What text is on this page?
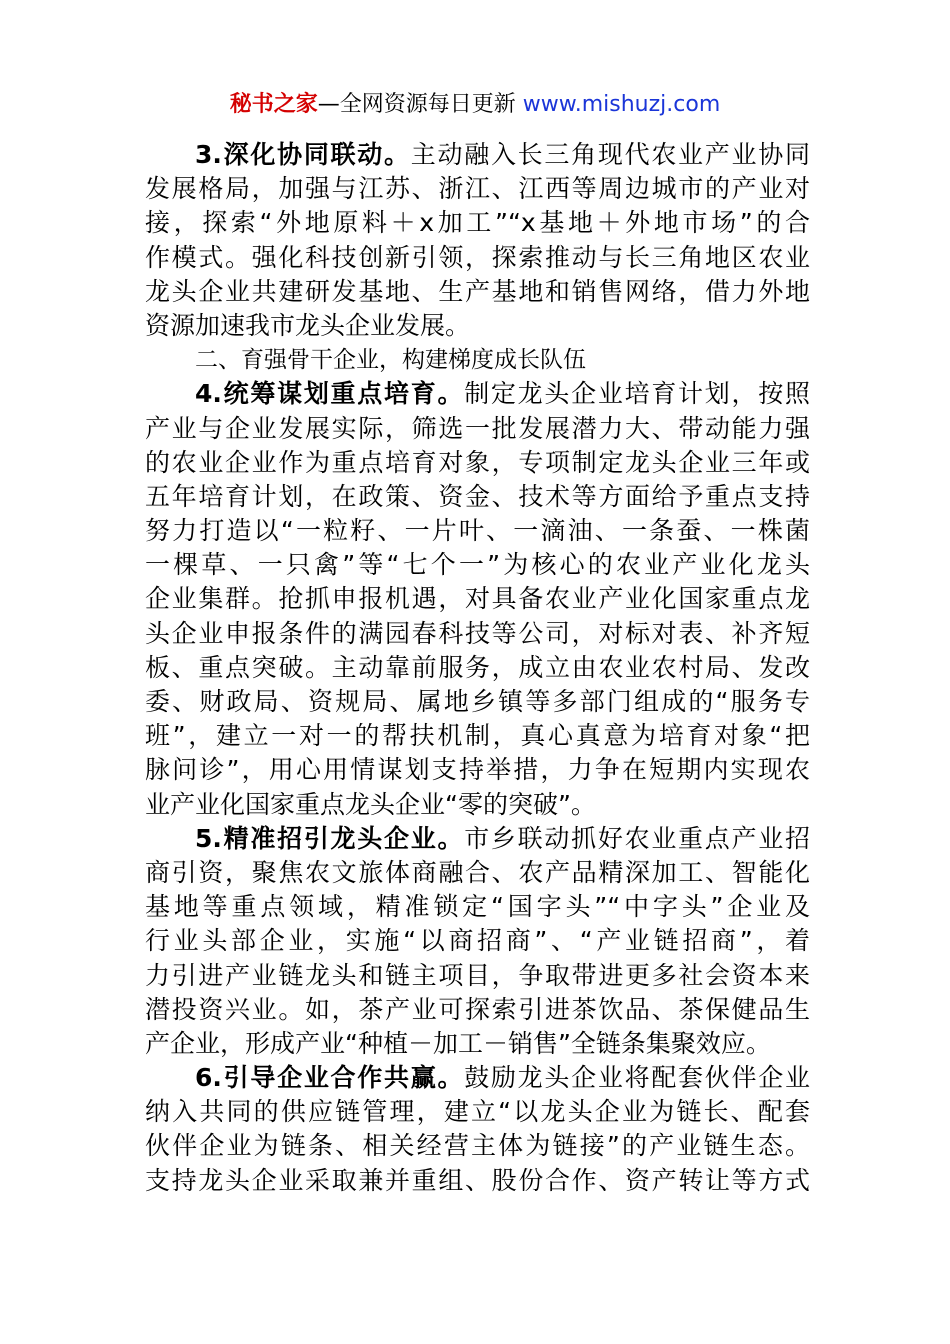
秘书之家—全网资源每日更新 www.mishuzj.com
3.深化协同联动。主动融入长三角现代农业产业协同
发展格局，加强与江苏、浙江、江西等周边城市的产业对
接，探索“外地原料＋x加工”“x基地＋外地市场”的合
作模式。强化科技创新引领，探索推动与长三角地区农业
龙头企业共建研发基地、生产基地和销售网络，借力外地
资源加速我市龙头企业发展。
二、育强骨干企业，构建梯度成长队伍
4.统筹谋划重点培育。制定龙头企业培育计划，按照
产业与企业发展实际，筛选一批发展潜力大、带动能力强
的农业企业作为重点培育对象，专项制定龙头企业三年或
五年培育计划，在政策、资金、技术等方面给予重点支持
努力打造以“一粒籽、一片叶、一滴油、一条蚕、一株菌
一棵草、一只禽”等“七个一”为核心的农业产业化龙头
企业集群。抢抓申报机遇，对具备农业产业化国家重点龙
头企业申报条件的满园春科技等公司，对标对表、补齐短
板、重点突破。主动靠前服务，成立由农业农村局、发改
委、财政局、资规局、属地乡镇等多部门组成的“服务专
班”，建立一对一的帮扶机制，真心真意为培育对象“把
脉问诊”，用心用情谋划支持举措，力争在短期内实现农
业产业化国家重点龙头企业“零的突破”。
5.精准招引龙头企业。市乡联动抓好农业重点产业招
商引资，聚焦农文旅体商融合、农产品精深加工、智能化
基地等重点领域，精准锁定“国字头”“中字头”企业及
行业头部企业，实施“以商招商”、“产业链招商”，着
力引进产业链龙头和链主项目，争取带进更多社会资本来
潜投资兴业。如，茶产业可探索引进茶饮品、茶保健品生
产企业，形成产业“种植－加工－销售”全链条集聚效应。
6.引导企业合作共赢。鼓励龙头企业将配套伙伴企业
纳入共同的供应链管理，建立“以龙头企业为链长、配套
伙伴企业为链条、相关经营主体为链接”的产业链生态。
支持龙头企业采取兼并重组、股份合作、资产转让等方式
